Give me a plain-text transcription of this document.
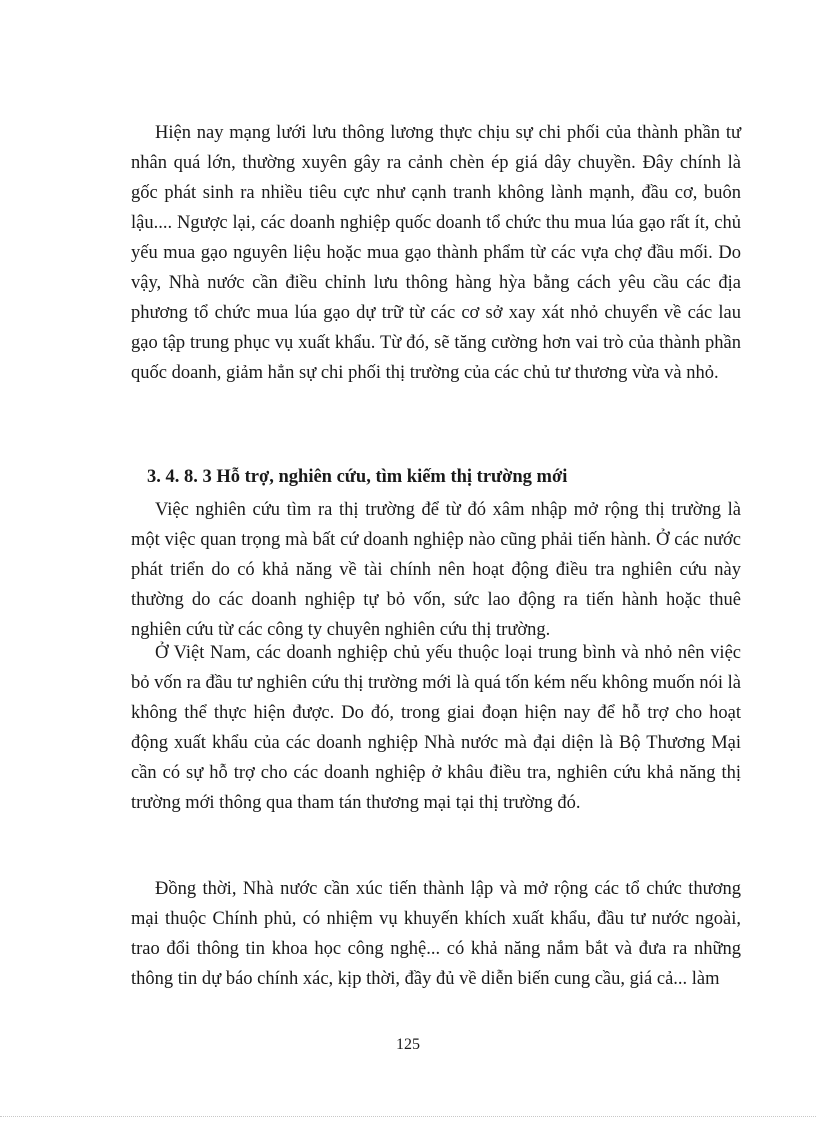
Hiện nay mạng lưới lưu thông lương thực chịu sự chi phối của thành phần tư nhân quá lớn, thường xuyên gây ra cảnh chèn ép giá dây chuyền. Đây chính là gốc phát sinh ra nhiều tiêu cực như cạnh tranh không lành mạnh, đầu cơ, buôn lậu.... Ngược lại, các doanh nghiệp quốc doanh tổ chức thu mua lúa gạo rất ít, chủ yếu mua gạo nguyên liệu hoặc mua gạo thành phẩm từ các vựa chợ đầu mối. Do vậy, Nhà nước cần điều chỉnh lưu thông hàng hỳa bằng cách yêu cầu các địa phương tổ chức mua lúa gạo dự trữ từ các cơ sở xay xát nhỏ chuyển về các lau gạo tập trung phục vụ xuất khẩu. Từ đó, sẽ tăng cường hơn vai trò của thành phần quốc doanh, giảm hẳn sự chi phối thị trường của các chủ tư thương vừa và nhỏ.

3. 4. 8. 3 Hỗ trợ, nghiên cứu, tìm kiếm thị trường mới

Việc nghiên cứu tìm ra thị trường để từ đó xâm nhập mở rộng thị trường là một việc quan trọng mà bất cứ doanh nghiệp nào cũng phải tiến hành. Ở các nước phát triển do có khả năng về tài chính nên hoạt động điều tra nghiên cứu này thường do các doanh nghiệp tự bỏ vốn, sức lao động ra tiến hành hoặc thuê nghiên cứu từ các công ty chuyên nghiên cứu thị trường.

Ở Việt Nam, các doanh nghiệp chủ yếu thuộc loại trung bình và nhỏ nên việc bỏ vốn ra đầu tư nghiên cứu thị trường mới là quá tốn kém nếu không muốn nói là không thể thực hiện được. Do đó, trong giai đoạn hiện nay để hỗ trợ cho hoạt động xuất khẩu của các doanh nghiệp Nhà nước mà đại diện là Bộ Thương Mại cần có sự hỗ trợ cho các doanh nghiệp ở khâu điều tra, nghiên cứu khả năng thị trường mới thông qua tham tán thương mại tại thị trường đó.

Đồng thời, Nhà nước cần xúc tiến thành lập và mở rộng các tổ chức thương mại thuộc Chính phủ, có nhiệm vụ khuyến khích xuất khẩu, đầu tư nước ngoài, trao đổi thông tin khoa học công nghệ... có khả năng nắm bắt và đưa ra những thông tin dự báo chính xác, kịp thời, đầy đủ về diễn biến cung cầu, giá cả... làm

125
